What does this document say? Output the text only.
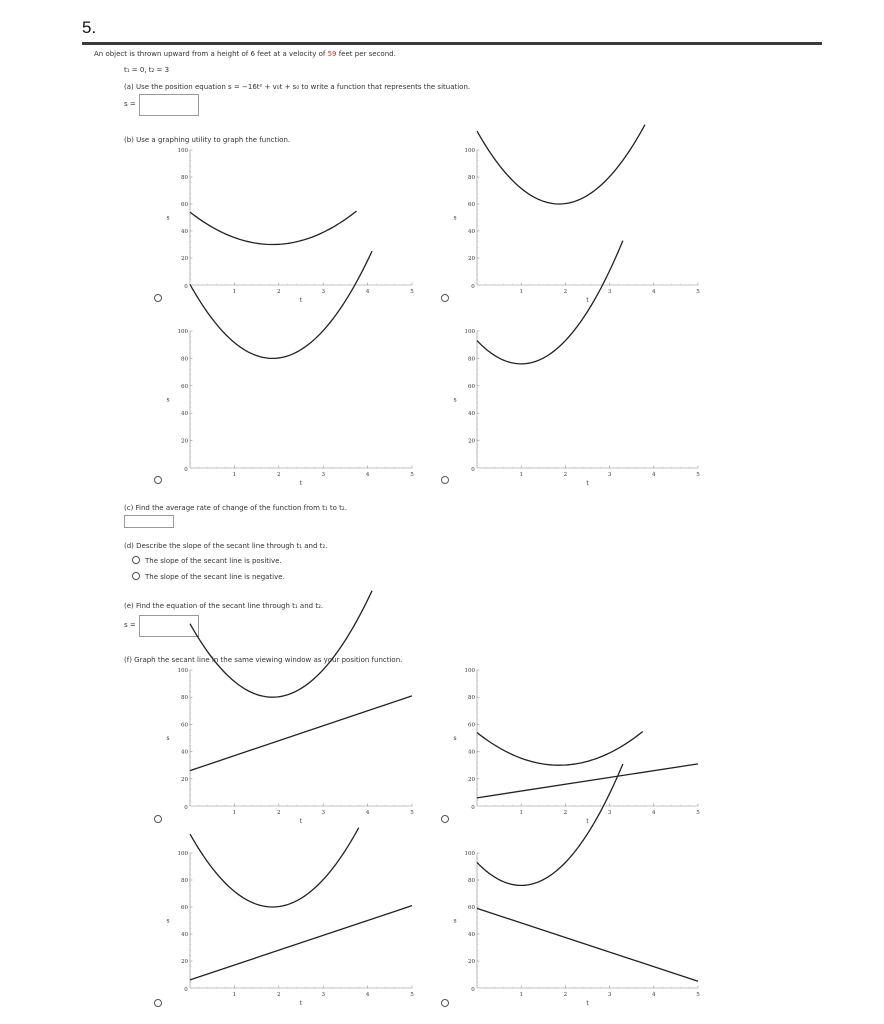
5.
An object is thrown upward from a height of 6 feet at a velocity of 59 feet per second.
t₁ = 0, t₂ = 3
(a) Use the position equation s = −16t² + v₀t + s₀ to write a function that represents the situation.
s =
(b) Use a graphing utility to graph the function.
(c) Find the average rate of change of the function from t₁ to t₂.
(d) Describe the slope of the secant line through t₁ and t₂.
The slope of the secant line is positive.
The slope of the secant line is negative.
(e) Find the equation of the secant line through t₁ and t₂.
s =
(f) Graph the secant line in the same viewing window as your position function.
0
1	2	3	4	5
20
40
60
80
100
t
s
0
1	2	3	4	5
20
40
60
80
100
t
s
0
1	2	3	4	5
20
40
60
80
100
t
s
0
1	2	3	4	5
20
40
60
80
100
t
s
0
1	2	3	4	5
20
40
60
80
100
t
s
0
1	2	3	4	5
20
40
60
80
100
t
s
0
1	2	3	4	5
20
40
60
80
100
t
s
0
1	2	3	4	5
20
40
60
80
100
t
s
